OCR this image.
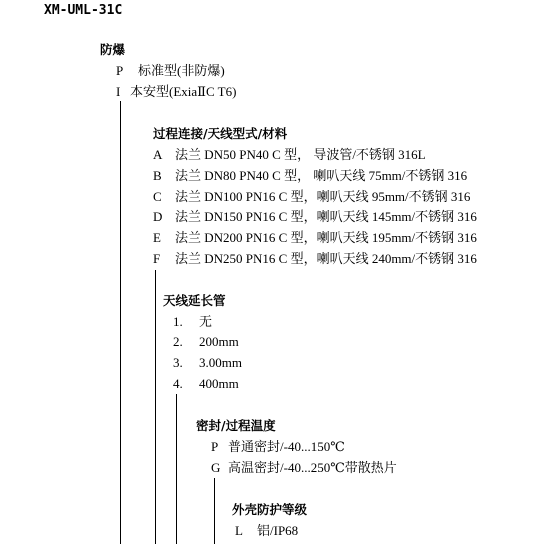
XM-UML-31C
防爆
P 标准型(非防爆)
I 本安型(ExiaⅡC T6)
过程连接/天线型式/材料
A 法兰 DN50 PN40 C 型， 导波管/不锈钢 316L
B 法兰 DN80 PN40 C 型， 喇叭天线 75mm/不锈钢 316
C 法兰 DN100 PN16 C 型，喇叭天线 95mm/不锈钢 316
D 法兰 DN150 PN16 C 型，喇叭天线 145mm/不锈钢 316
E 法兰 DN200 PN16 C 型，喇叭天线 195mm/不锈钢 316
F 法兰 DN250 PN16 C 型，喇叭天线 240mm/不锈钢 316
天线延长管
1. 无
2. 200mm
3. 3.00mm
4. 400mm
密封/过程温度
P 普通密封/-40...150℃
G 高温密封/-40...250℃带散热片
外壳防护等级
L 铝/IP68
